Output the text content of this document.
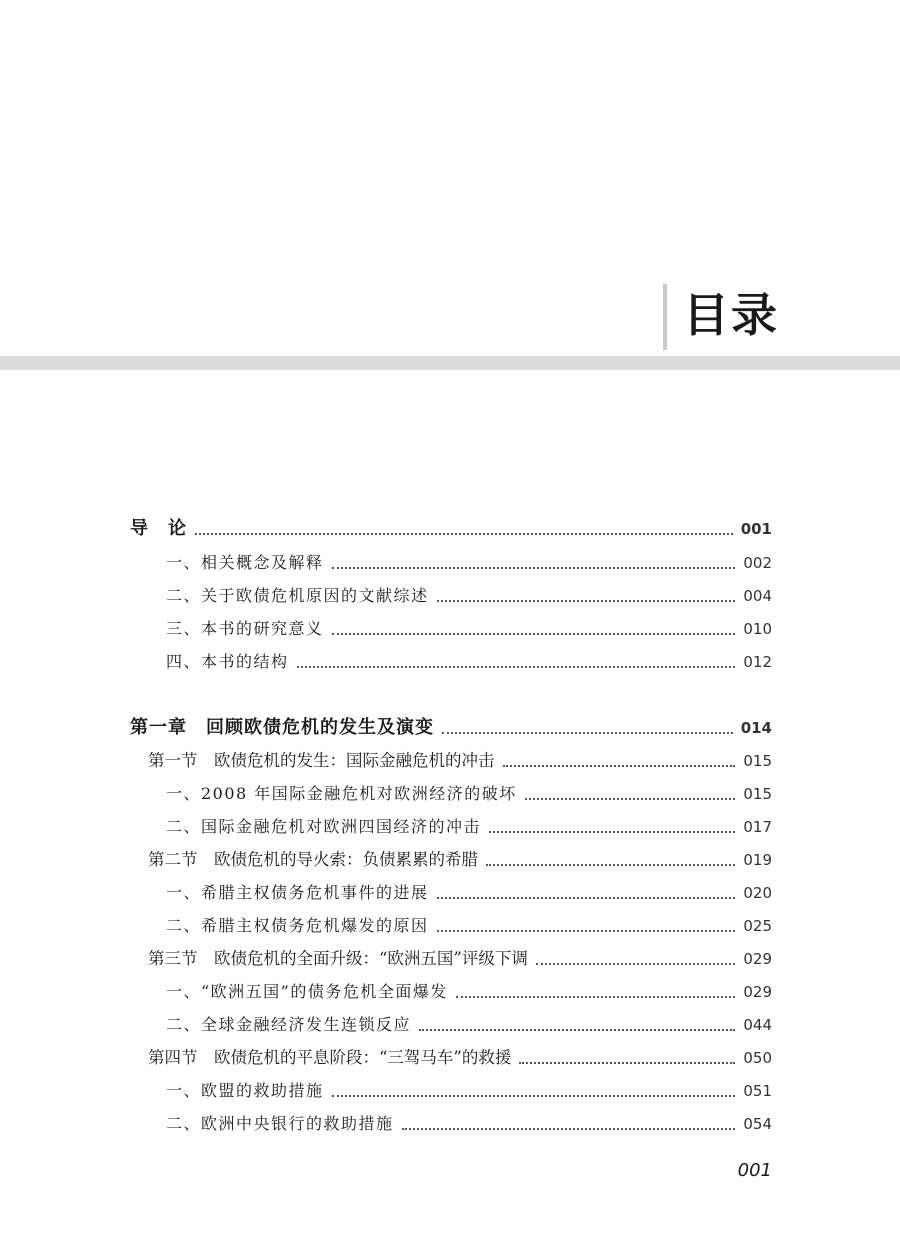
目录
导　论	001
一、相关概念及解释	002
二、关于欧债危机原因的文献综述	004
三、本书的研究意义	010
四、本书的结构	012
第一章　回顾欧债危机的发生及演变	014
第一节　欧债危机的发生：国际金融危机的冲击	015
一、2008 年国际金融危机对欧洲经济的破坏	015
二、国际金融危机对欧洲四国经济的冲击	017
第二节　欧债危机的导火索：负债累累的希腊	019
一、希腊主权债务危机事件的进展	020
二、希腊主权债务危机爆发的原因	025
第三节　欧债危机的全面升级：“欧洲五国”评级下调	029
一、“欧洲五国”的债务危机全面爆发	029
二、全球金融经济发生连锁反应	044
第四节　欧债危机的平息阶段：“三驾马车”的救援	050
一、欧盟的救助措施	051
二、欧洲中央银行的救助措施	054
001
